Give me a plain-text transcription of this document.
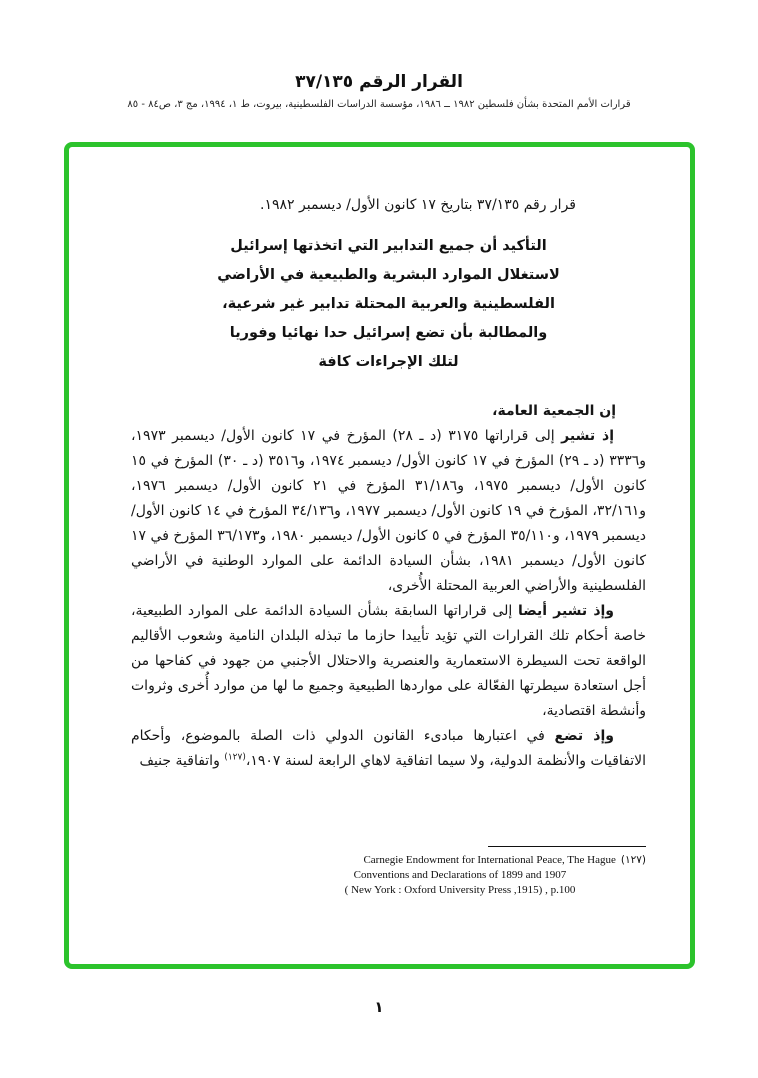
القرار الرقم ٣٧/١٣٥
قرارات الأمم المتحدة بشأن فلسطين ١٩٨٢ ــ ١٩٨٦، مؤسسة الدراسات الفلسطينية، بيروت، ط ١، ١٩٩٤، مج ٣، ص٨٤ - ٨٥
قرار رقم ٣٧/١٣٥ بتاريخ ١٧ كانون الأول/ ديسمبر ١٩٨٢.
التأكيد أن جميع التدابير التي اتخذتها إسرائيل
لاستغلال الموارد البشرية والطبيعية في الأراضي
الفلسطينية والعربية المحتلة تدابير غير شرعية،
والمطالبة بأن تضع إسرائيل حدا نهائيا وفوريا
لتلك الإجراءات كافة
إن الجمعية العامة،

إذ تشير إلى قراراتها ٣١٧٥ (د ـ ٢٨) المؤرخ في ١٧ كانون الأول/ ديسمبر ١٩٧٣، و٣٣٣٦ (د ـ ٢٩) المؤرخ في ١٧ كانون الأول/ ديسمبر ١٩٧٤، و٣٥١٦ (د ـ ٣٠) المؤرخ في ١٥ كانون الأول/ ديسمبر ١٩٧٥، و٣١/١٨٦ المؤرخ في ٢١ كانون الأول/ ديسمبر ١٩٧٦، و٣٢/١٦١، المؤرخ في ١٩ كانون الأول/ ديسمبر ١٩٧٧، و٣٤/١٣٦ المؤرخ في ١٤ كانون الأول/ ديسمبر ١٩٧٩، و٣٥/١١٠ المؤرخ في ٥ كانون الأول/ ديسمبر ١٩٨٠، و٣٦/١٧٣ المؤرخ في ١٧ كانون الأول/ ديسمبر ١٩٨١، بشأن السيادة الدائمة على الموارد الوطنية في الأراضي الفلسطينية والأراضي العربية المحتلة الأُخرى،

وإذ تشير أيضا إلى قراراتها السابقة بشأن السيادة الدائمة على الموارد الطبيعية، خاصة أحكام تلك القرارات التي تؤيد تأييدا حازما ما تبذله البلدان النامية وشعوب الأقاليم الواقعة تحت السيطرة الاستعمارية والعنصرية والاحتلال الأجنبي من جهود في كفاحها من أجل استعادة سيطرتها الفعّالة على مواردها الطبيعية وجميع ما لها من موارد أُخرى وثروات وأنشطة اقتصادية،

وإذ تضع في اعتبارها مبادىء القانون الدولي ذات الصلة بالموضوع، وأحكام الاتفاقيات والأنظمة الدولية، ولا سيما اتفاقية لاهاي الرابعة لسنة ١٩٠٧،$^{(١٢٧)}$ واتفاقية جنيف

(١٢٧)Carnegie Endowment for International Peace, The Hague
Conventions and Declarations of 1899 and 1907
( New York : Oxford University Press ,1915) , p.100
١
